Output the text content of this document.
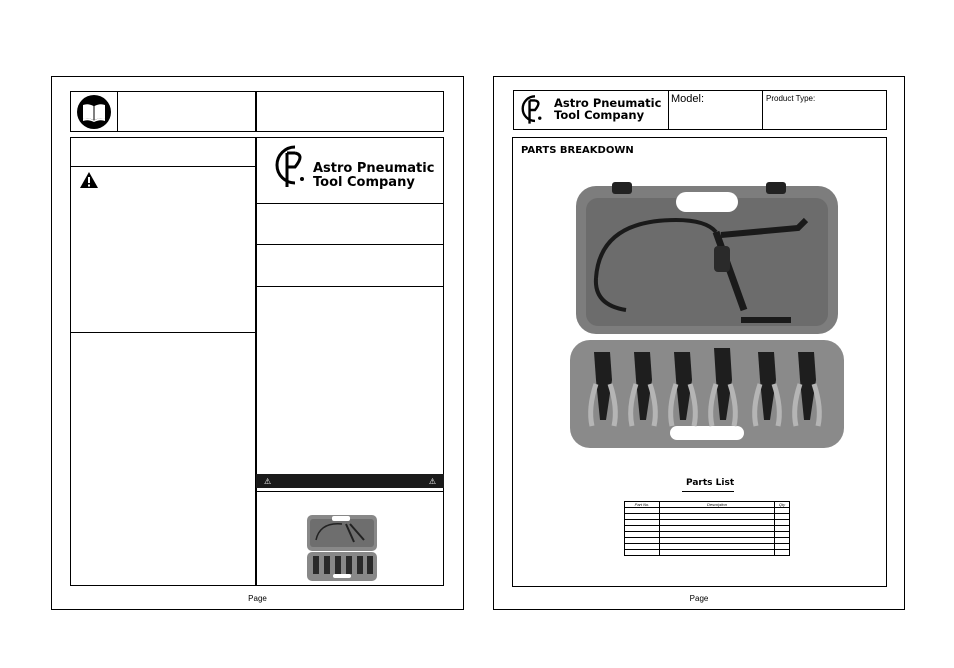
Astro Pneumatic
Tool Company
⚠	⚠
Page
Astro Pneumatic
Tool Company
Model:	Product Type:
PARTS BREAKDOWN
Parts List
Part No.	Description	Qty

Page
